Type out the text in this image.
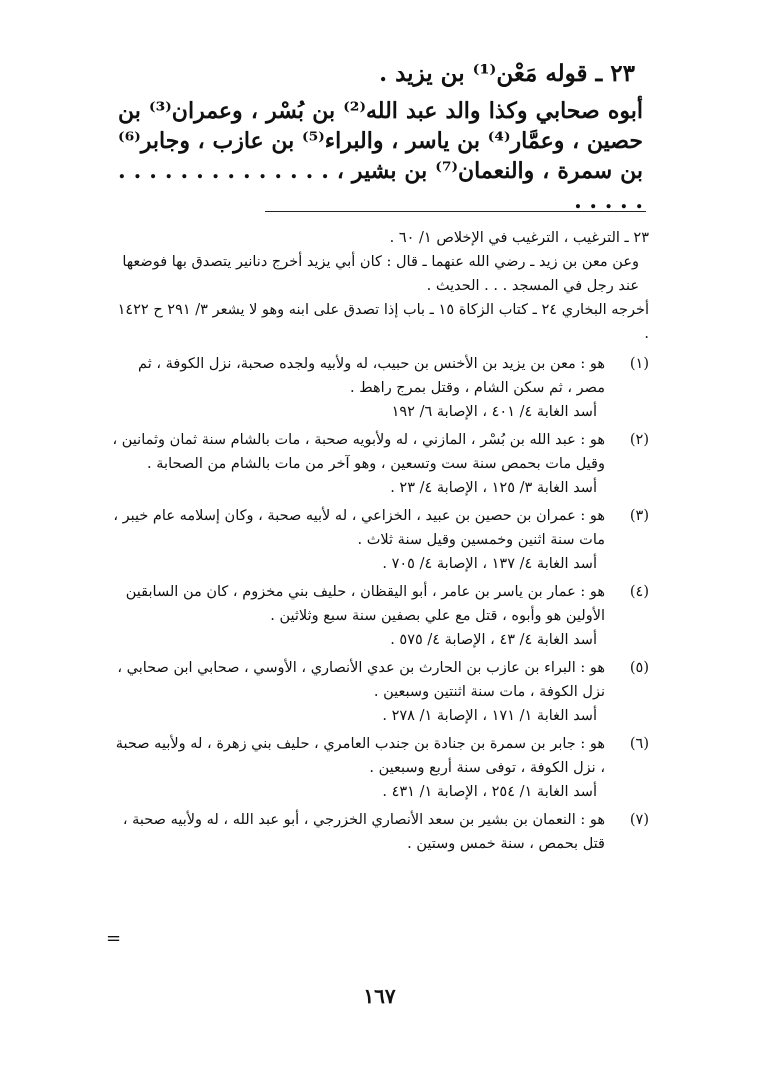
٢٣ ـ قوله مَعْن⁽¹⁾ بن يزيد .
أبوه صحابي وكذا والد عبد الله⁽²⁾ بن بُسْر ، وعمران⁽³⁾ بن حصين ، وعمَّار⁽⁴⁾ بن ياسر ، والبراء⁽⁵⁾ بن عازب ، وجابر⁽⁶⁾ بن سمرة ، والنعمان⁽⁷⁾ بن بشير ، . . . . . . . . . . . . . . . . . . .
٢٣ ـ الترغيب ، الترغيب في الإخلاص ١/ ٦٠ .
وعن معن بن زيد ـ رضي الله عنهما ـ قال : كان أبي يزيد أخرج دنانير يتصدق بها فوضعها عند رجل في المسجد . . . الحديث .
أخرجه البخاري ٢٤ ـ كتاب الزكاة ١٥ ـ باب إذا تصدق على ابنه وهو لا يشعر ٣/ ٢٩١ ح ١٤٢٢ .
(١)
هو : معن بن يزيد بن الأخنس بن حبيب، له ولأبيه ولجده صحبة، نزل الكوفة ، ثم مصر ، ثم سكن الشام ، وقتل بمرج راهط .
أسد الغابة ٤/ ٤٠١ ، الإصابة ٦/ ١٩٢
(٢)
هو : عبد الله بن بُسْر ، المازني ، له ولأبويه صحبة ، مات بالشام سنة ثمان وثمانين ، وقيل مات بحمص سنة ست وتسعين ، وهو آخر من مات بالشام من الصحابة .
أسد الغابة ٣/ ١٢٥ ، الإصابة ٤/ ٢٣ .
(٣)
هو : عمران بن حصين بن عبيد ، الخزاعي ، له لأبيه صحبة ، وكان إسلامه عام خيبر ، مات سنة اثنين وخمسين وقيل سنة ثلاث .
أسد الغابة ٤/ ١٣٧ ، الإصابة ٤/ ٧٠٥ .
(٤)
هو : عمار بن ياسر بن عامر ، أبو اليقظان ، حليف بني مخزوم ، كان من السابقين الأولين هو وأبوه ، قتل مع علي بصفين سنة سبع وثلاثين .
أسد الغابة ٤/ ٤٣ ، الإصابة ٤/ ٥٧٥ .
(٥)
هو : البراء بن عازب بن الحارث بن عدي الأنصاري ، الأوسي ، صحابي ابن صحابي ، نزل الكوفة ، مات سنة اثنتين وسبعين .
أسد الغابة ١/ ١٧١ ، الإصابة ١/ ٢٧٨ .
(٦)
هو : جابر بن سمرة بن جنادة بن جندب العامري ، حليف بني زهرة ، له ولأبيه صحبة ، نزل الكوفة ، توفى سنة أربع وسبعين .
أسد الغابة ١/ ٢٥٤ ، الإصابة ١/ ٤٣١ .
(٧)
هو : النعمان بن بشير بن سعد الأنصاري الخزرجي ، أبو عبد الله ، له ولأبيه صحبة ، قتل بحمص ، سنة خمس وستين .
=
١٦٧
